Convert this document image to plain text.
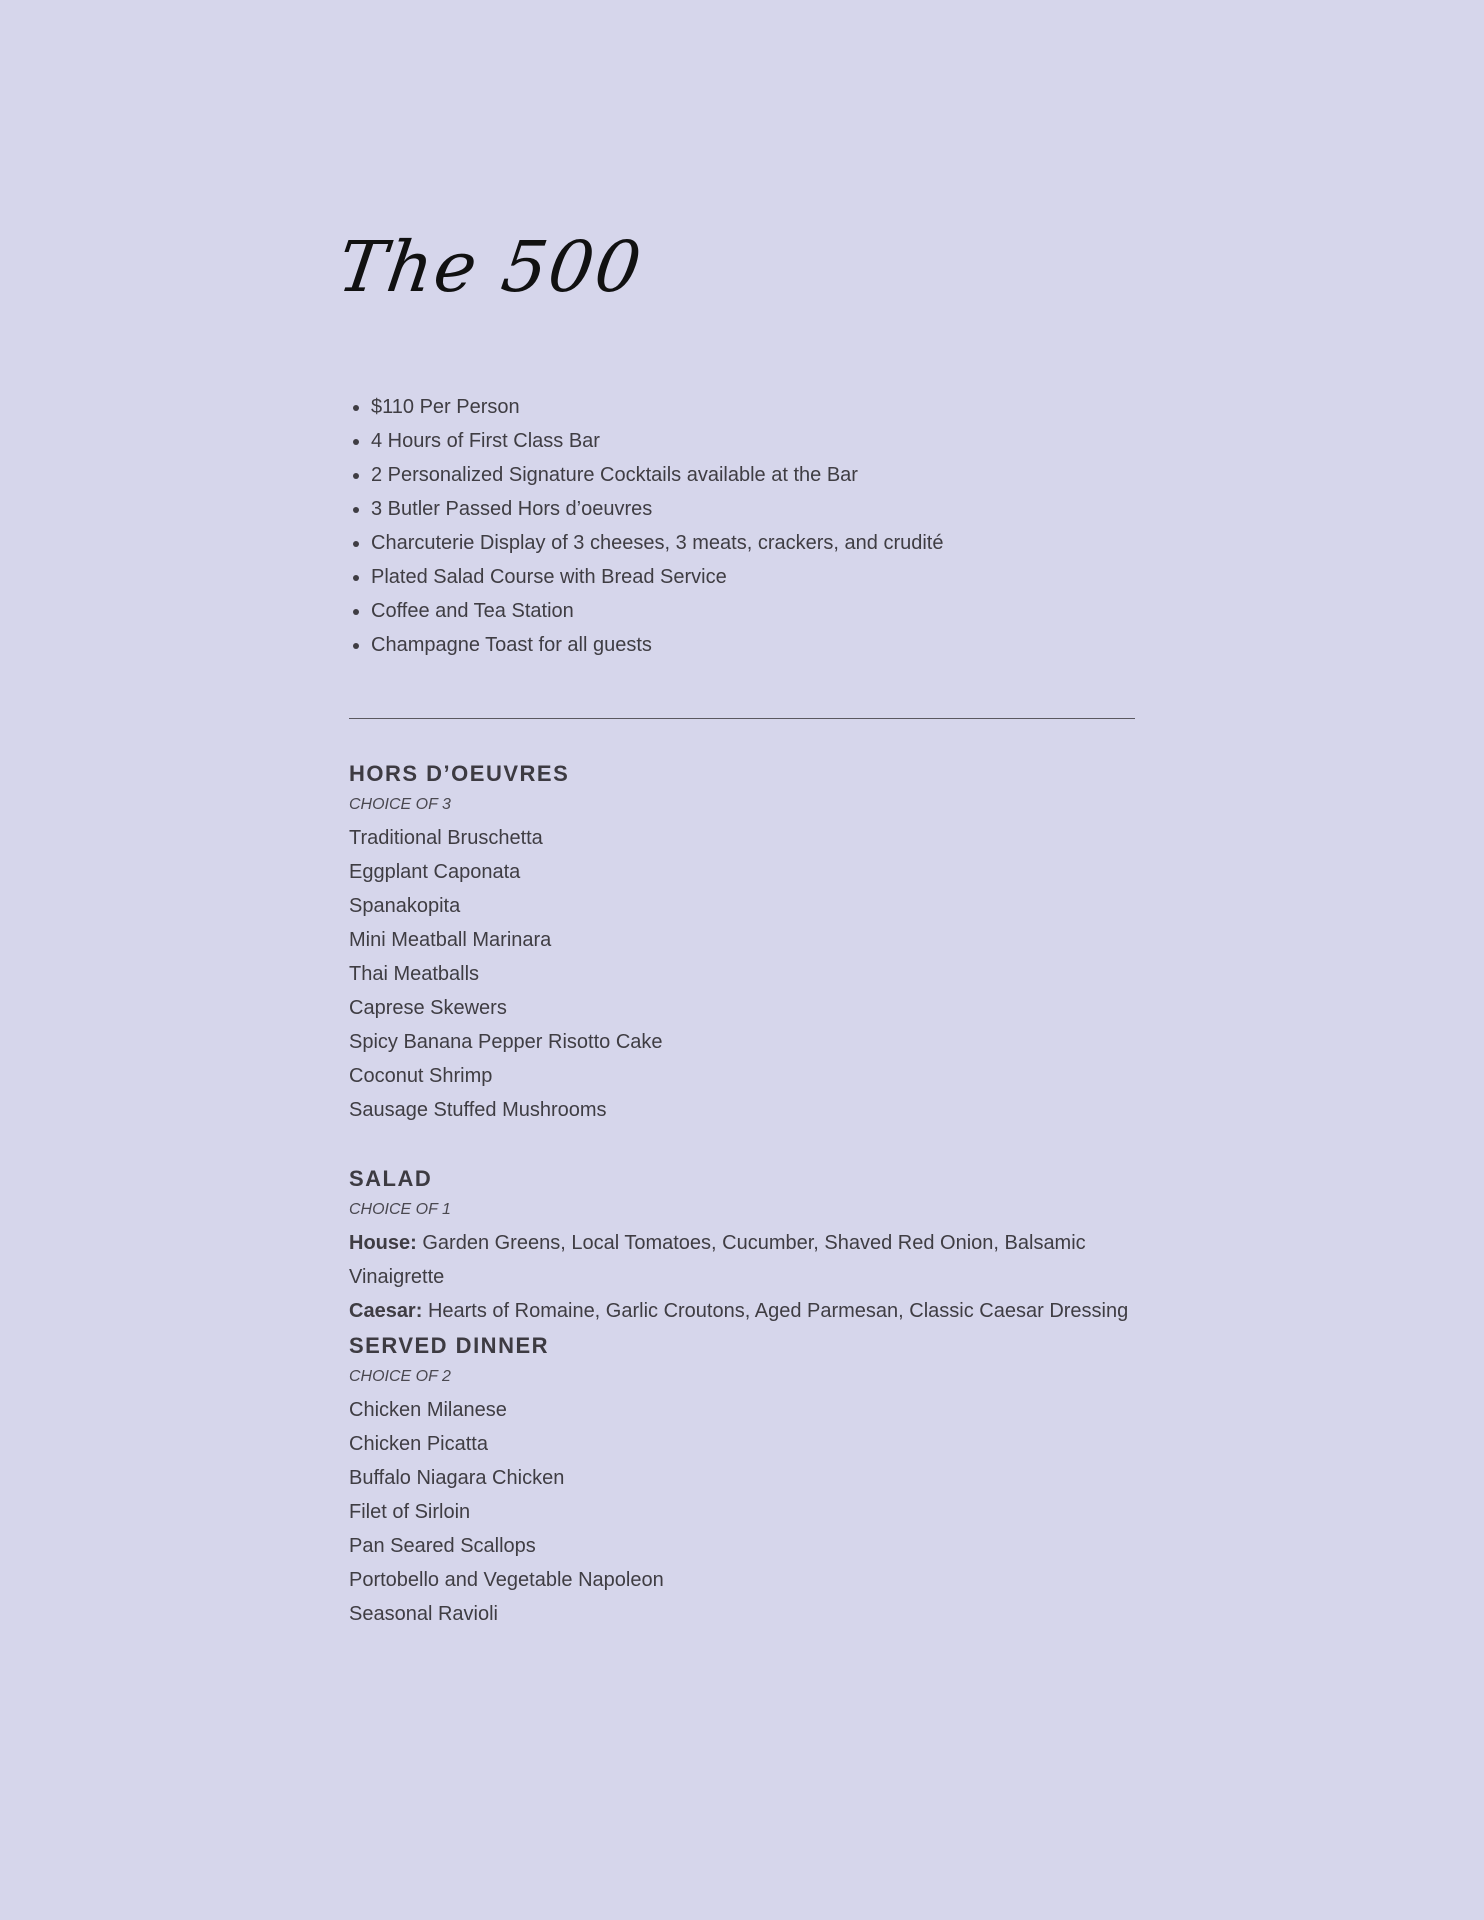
The 500
• $110 Per Person
• 4 Hours of First Class Bar
• 2 Personalized Signature Cocktails available at the Bar
• 3 Butler Passed Hors d’oeuvres
• Charcuterie Display of 3 cheeses, 3 meats, crackers, and crudité
• Plated Salad Course with Bread Service
• Coffee and Tea Station
• Champagne Toast for all guests
HORS D’OEUVRES
CHOICE OF 3
Traditional Bruschetta
Eggplant Caponata
Spanakopita
Mini Meatball Marinara
Thai Meatballs
Caprese Skewers
Spicy Banana Pepper Risotto Cake
Coconut Shrimp
Sausage Stuffed Mushrooms
SALAD
CHOICE OF 1
House: Garden Greens, Local Tomatoes, Cucumber, Shaved Red Onion, Balsamic Vinaigrette
Caesar: Hearts of Romaine, Garlic Croutons, Aged Parmesan, Classic Caesar Dressing
SERVED DINNER
CHOICE OF 2
Chicken Milanese
Chicken Picatta
Buffalo Niagara Chicken
Filet of Sirloin
Pan Seared Scallops
Portobello and Vegetable Napoleon
Seasonal Ravioli
